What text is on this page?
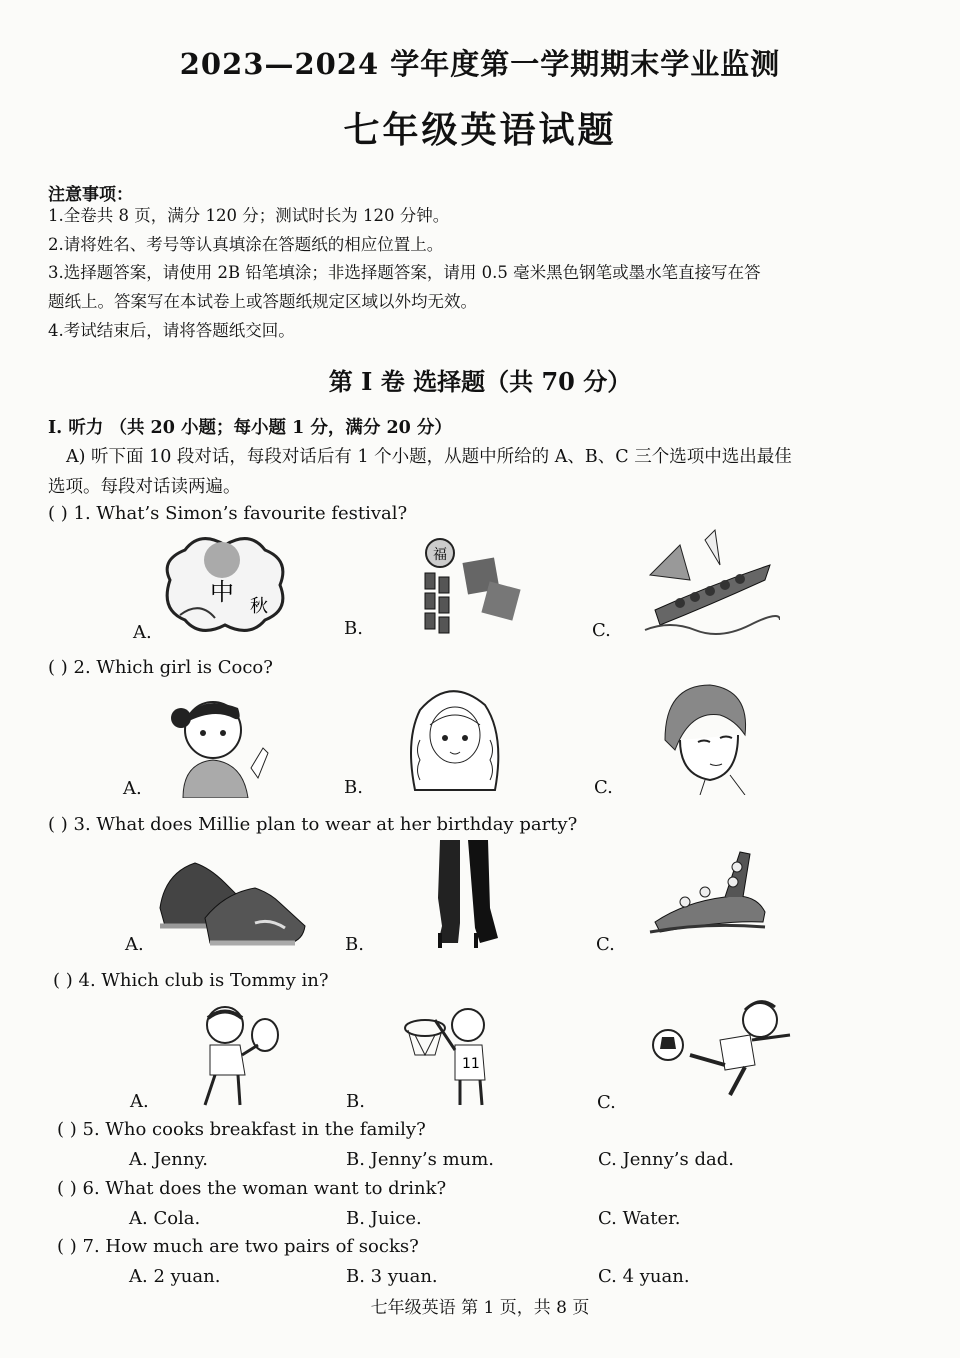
2023—2024 学年度第一学期期末学业监测
七年级英语试题
注意事项：
1.全卷共 8 页，满分 120 分；测试时长为 120 分钟。
2.请将姓名、考号等认真填涂在答题纸的相应位置上。
3.选择题答案，请使用 2B 铅笔填涂；非选择题答案，请用 0.5 毫米黑色钢笔或墨水笔直接写在答
题纸上。答案写在本试卷上或答题纸规定区域以外均无效。
4.考试结束后，请将答题纸交回。
第 I 卷 选择题（共 70 分）
I. 听力 （共 20 小题；每小题 1 分，满分 20 分）
A) 听下面 10 段对话，每段对话后有 1 个小题，从题中所给的 A、B、C 三个选项中选出最佳
选项。每段对话读两遍。
( ) 1. What’s Simon’s favourite festival?
中
秋
福
A.	B.	C.
( ) 2. Which girl is Coco?
A.	B.	C.
( ) 3. What does Millie plan to wear at her birthday party?
A.	B.	C.
( ) 4. Which club is Tommy in?
11
A.	B.	C.
( ) 5. Who cooks breakfast in the family?
A. Jenny.	B. Jenny’s mum.	C. Jenny’s dad.
( ) 6. What does the woman want to drink?
A. Cola.	B. Juice.	C. Water.
( ) 7. How much are two pairs of socks?
A. 2 yuan.	B. 3 yuan.	C. 4 yuan.
七年级英语 第 1 页，共 8 页
